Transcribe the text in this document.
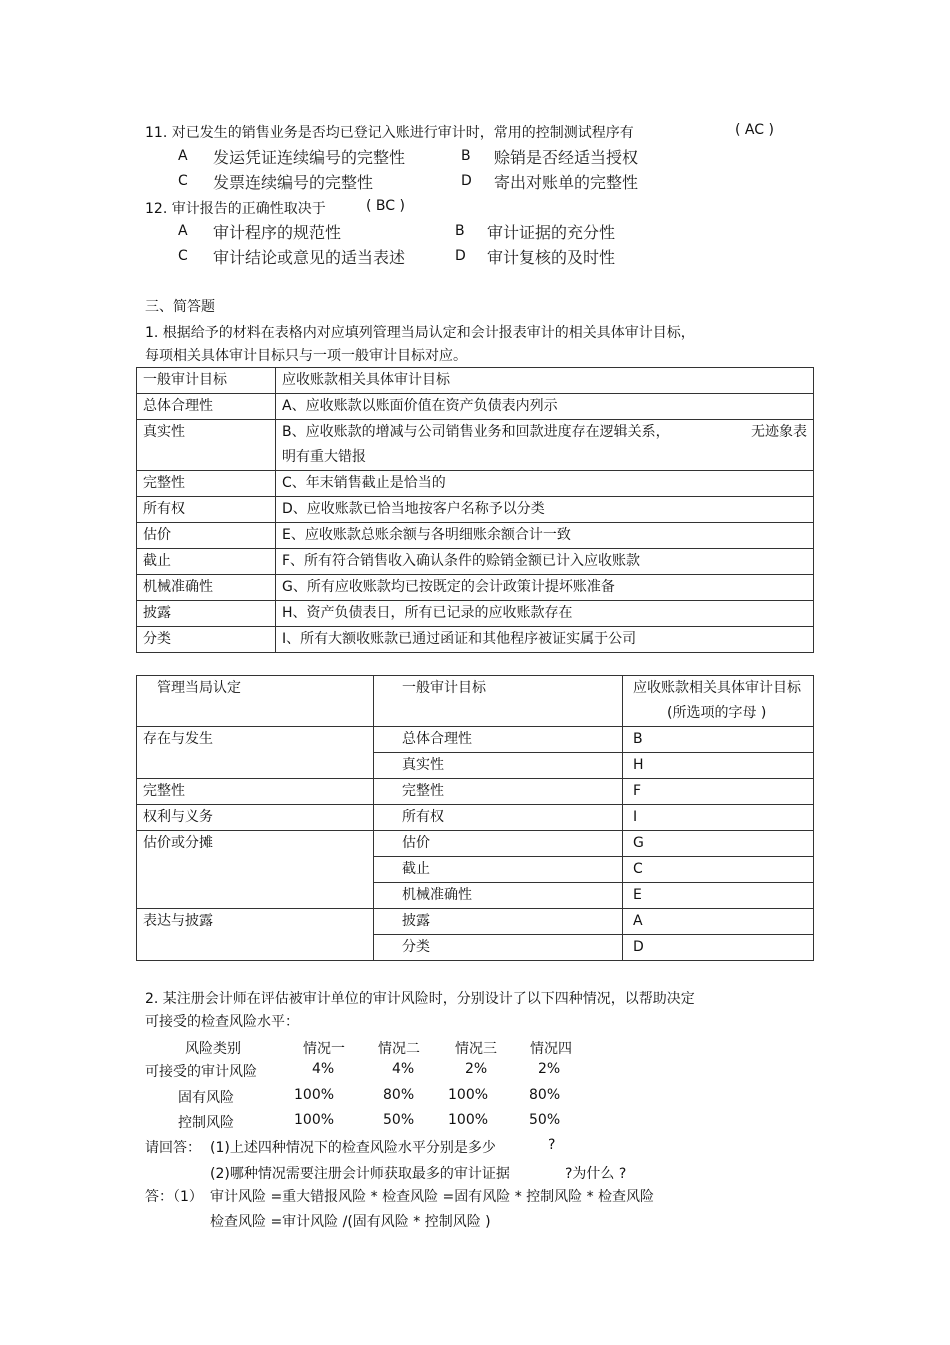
11. 对已发生的销售业务是否均已登记入账进行审计时，常用的控制测试程序有	( AC )
A 发运凭证连续编号的完整性	B 赊销是否经适当授权
C 发票连续编号的完整性	D 寄出对账单的完整性
12. 审计报告的正确性取决于	( BC )
A 审计程序的规范性	B 审计证据的充分性
C 审计结论或意见的适当表述	D 审计复核的及时性
三、简答题
1. 根据给予的材料在表格内对应填列管理当局认定和会计报表审计的相关具体审计目标，
每项相关具体审计目标只与一项一般审计目标对应。
一般审计目标	应收账款相关具体审计目标
总体合理性	A、应收账款以账面价值在资产负债表内列示
真实性	B、应收账款的增减与公司销售业务和回款进度存在逻辑关系， 无迹象表
明有重大错报

完整性	C、年末销售截止是恰当的
所有权	D、应收账款已恰当地按客户名称予以分类
估价	E、应收账款总账余额与各明细账余额合计一致
截止	F、所有符合销售收入确认条件的赊销金额已计入应收账款
机械准确性	G、所有应收账款均已按既定的会计政策计提坏账准备
披露	H、资产负债表日，所有已记录的应收账款存在
分类	I、所有大额收账款已通过函证和其他程序被证实属于公司
管理当局认定	一般审计目标	应收账款相关具体审计目标
(所选项的字母 )

存在与发生	总体合理性	B
	真实性	H
完整性	完整性	F
权利与义务	所有权	I
估价或分摊	估价	G
	截止	C
	机械准确性	E
表达与披露	披露	A
	分类	D
2. 某注册会计师在评估被审计单位的审计风险时，分别设计了以下四种情况，以帮助决定
可接受的检查风险水平：
风险类别	情况一 情况二	情况三 情况四
可接受的审计风险	4%	4%	2%	2%
固有风险	100%	80% 100%	80%
控制风险	100%	50% 100%	50%
请回答： (1)上述四种情况下的检查风险水平分别是多少	?
(2)哪种情况需要注册会计师获取最多的审计证据	?为什么 ?
答：（1） 审计风险 =重大错报风险 * 检查风险 =固有风险 * 控制风险 * 检查风险
检查风险 =审计风险 /(固有风险 * 控制风险 )
